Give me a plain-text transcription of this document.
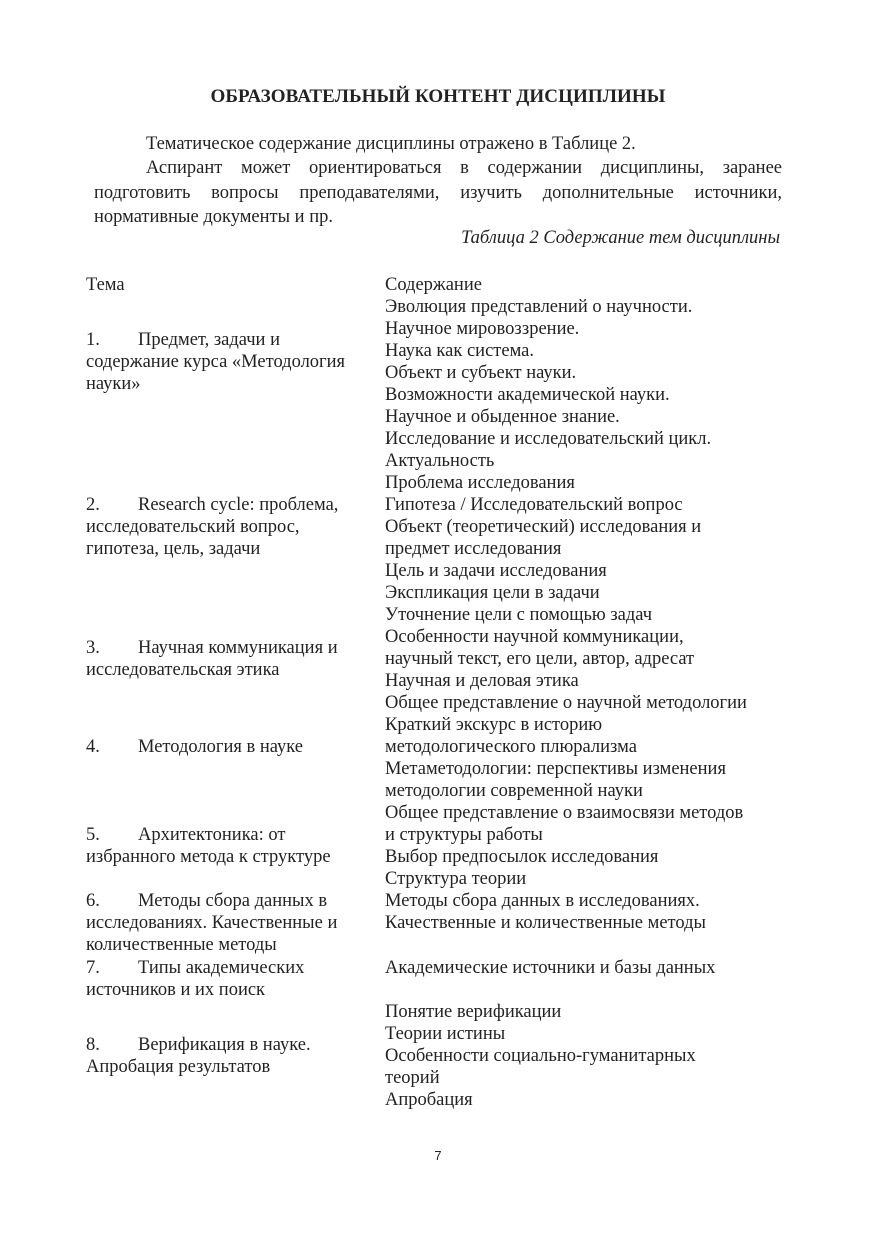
ОБРАЗОВАТЕЛЬНЫЙ КОНТЕНТ ДИСЦИПЛИНЫ
Тематическое содержание дисциплины отражено в Таблице 2.
Аспирант может ориентироваться в содержании дисциплины, заранее подготовить вопросы преподавателями, изучить дополнительные источники, нормативные документы и пр.
Таблица 2 Содержание тем дисциплины
Тема	Содержание
1. Предмет, задачи и содержание курса «Методология науки»
2. Research cycle: проблема, исследовательский вопрос, гипотеза, цель, задачи
3. Научная коммуникация и исследовательская этика
4. Методология в науке
5. Архитектоника: от избранного метода к структуре
6. Методы сбора данных в исследованиях. Качественные и количественные методы
7. Типы академических источников и их поиск
8. Верификация в науке. Апробация результатов
Эволюция представлений о научности.
Научное мировоззрение.
Наука как система.
Объект и субъект науки.
Возможности академической науки.
Научное и обыденное знание.
Исследование и исследовательский цикл.
Актуальность
Проблема исследования
Гипотеза / Исследовательский вопрос
Объект (теоретический) исследования и
предмет исследования
Цель и задачи исследования
Экспликация цели в задачи
Уточнение цели с помощью задач
Особенности научной коммуникации,
научный текст, его цели, автор, адресат
Научная и деловая этика
Общее представление о научной методологии
Краткий экскурс в историю
методологического плюрализма
Метаметодологии: перспективы изменения
методологии современной науки
Общее представление о взаимосвязи методов
и структуры работы
Выбор предпосылок исследования
Структура теории
Методы сбора данных в исследованиях.
Качественные и количественные методы
Академические источники и базы данных
Понятие верификации
Теории истины
Особенности социально-гуманитарных
теорий
Апробация
7
